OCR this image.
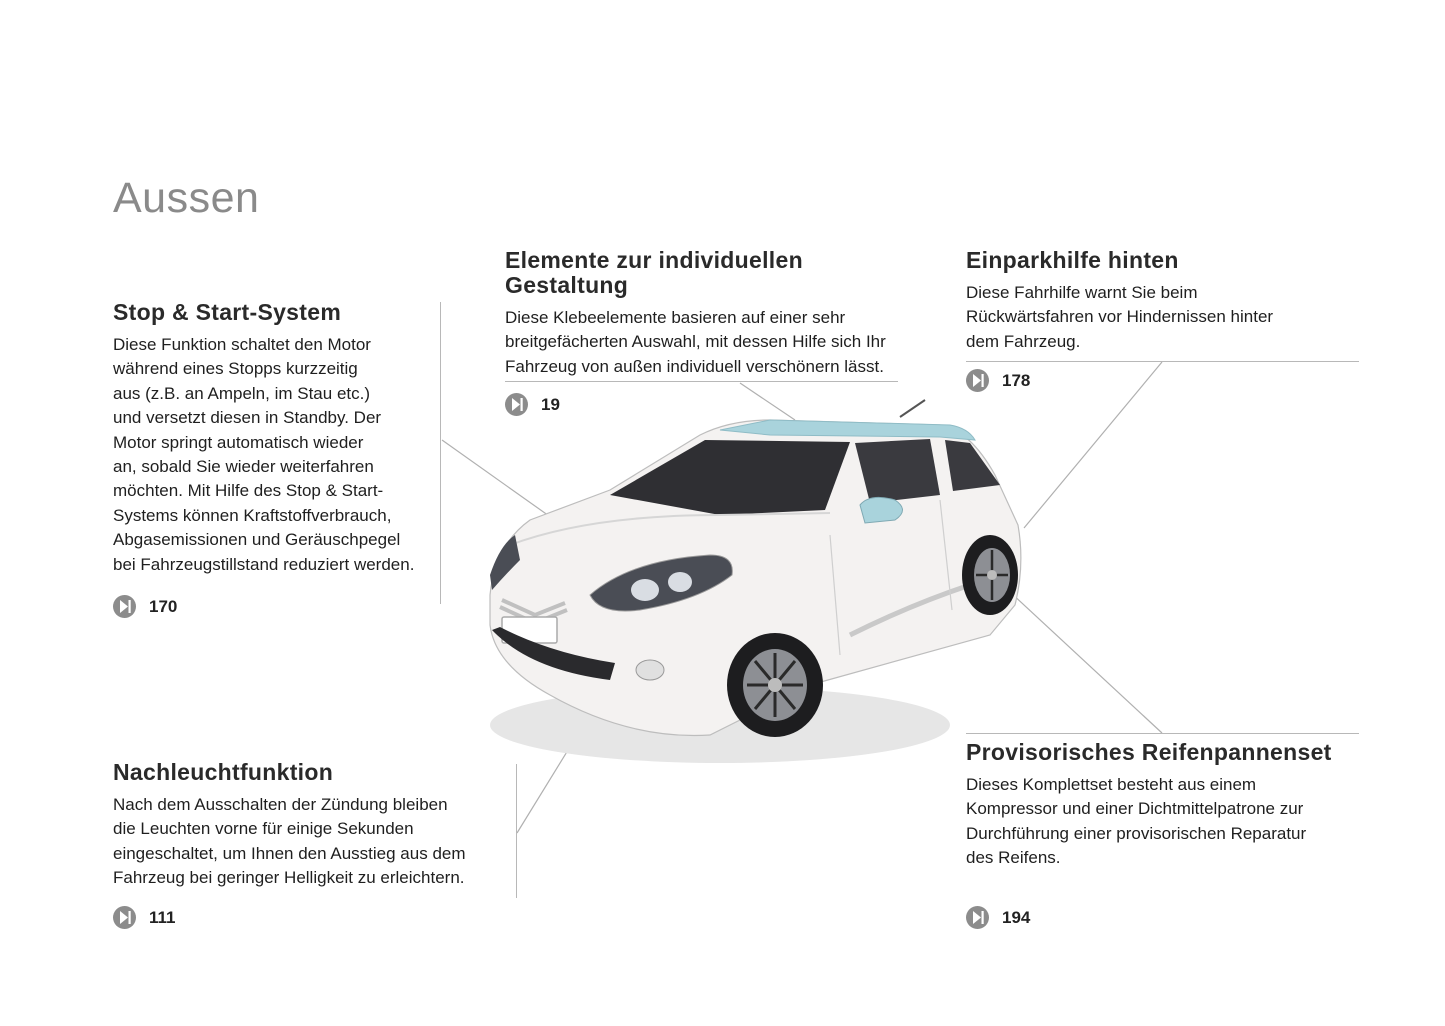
Aussen
Stop & Start-System

Diese Funktion schaltet den Motor
während eines Stopps kurzzeitig
aus (z.B. an Ampeln, im Stau etc.)
und versetzt diesen in Standby. Der
Motor springt automatisch wieder
an, sobald Sie wieder weiterfahren
möchten. Mit Hilfe des Stop & Start-
Systems können Kraftstoffverbrauch,
Abgasemissionen und Geräuschpegel
bei Fahrzeugstillstand reduziert werden.

170
Elemente zur individuellen
Gestaltung

Diese Klebeelemente basieren auf einer sehr
breitgefächerten Auswahl, mit dessen Hilfe sich Ihr
Fahrzeug von außen individuell verschönern lässt.

19
Einparkhilfe hinten

Diese Fahrhilfe warnt Sie beim
Rückwärtsfahren vor Hindernissen hinter
dem Fahrzeug.

178
Nachleuchtfunktion

Nach dem Ausschalten der Zündung bleiben
die Leuchten vorne für einige Sekunden
eingeschaltet, um Ihnen den Ausstieg aus dem
Fahrzeug bei geringer Helligkeit zu erleichtern.

111
Provisorisches Reifenpannenset

Dieses Komplettset besteht aus einem
Kompressor und einer Dichtmittelpatrone zur
Durchführung einer provisorischen Reparatur
des Reifens.

194
